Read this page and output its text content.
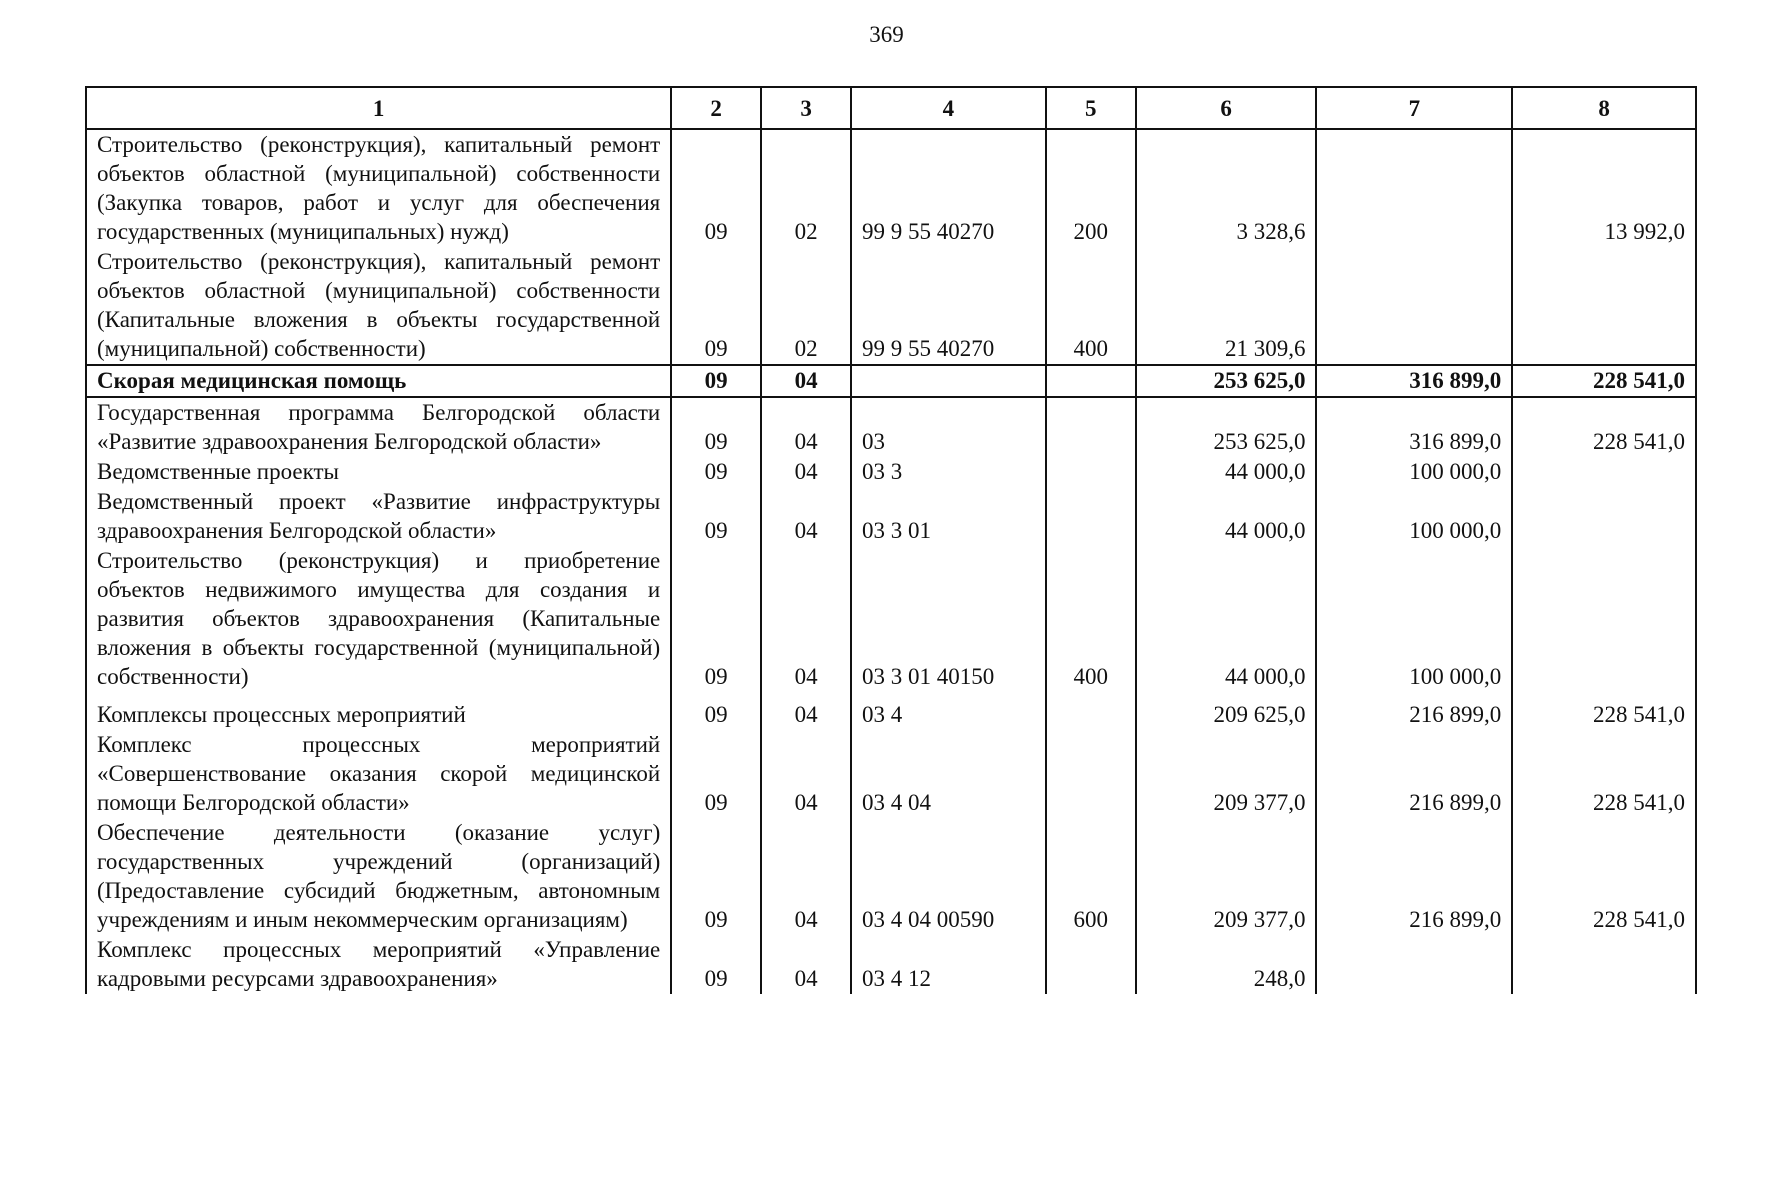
369
1	2	3	4	5	6	7	8
Строительство (реконструкция), капитальный ремонт объектов областной (муниципальной) собственности (Закупка товаров, работ и услуг для обеспечения государственных (муниципальных) нужд)	09	02	99 9 55 40270	200	3 328,6		13 992,0
Строительство (реконструкция), капитальный ремонт объектов областной (муниципальной) собственности (Капитальные вложения в объекты государственной (муниципальной) собственности)	09	02	99 9 55 40270	400	21 309,6		
Скорая медицинская помощь	09	04			253 625,0	316 899,0	228 541,0
Государственная программа Белгородской области «Развитие здравоохранения Белгородской области»	09	04	03		253 625,0	316 899,0	228 541,0
Ведомственные проекты	09	04	03 3		44 000,0	100 000,0	
Ведомственный проект «Развитие инфраструктуры здравоохранения Белгородской области»	09	04	03 3 01		44 000,0	100 000,0	
Строительство (реконструкция) и приобретение объектов недвижимого имущества для создания и развития объектов здравоохранения (Капитальные вложения в объекты государственной (муниципальной) собственности)	09	04	03 3 01 40150	400	44 000,0	100 000,0	

Комплексы процессных мероприятий	09	04	03 4		209 625,0	216 899,0	228 541,0
Комплекс процессных мероприятий «Совершенствование оказания скорой медицинской помощи Белгородской области»	09	04	03 4 04		209 377,0	216 899,0	228 541,0
Обеспечение деятельности (оказание услуг) государственных учреждений (организаций) (Предоставление субсидий бюджетным, автономным учреждениям и иным некоммерческим организациям)	09	04	03 4 04 00590	600	209 377,0	216 899,0	228 541,0
Комплекс процессных мероприятий «Управление кадровыми ресурсами здравоохранения»	09	04	03 4 12		248,0		
